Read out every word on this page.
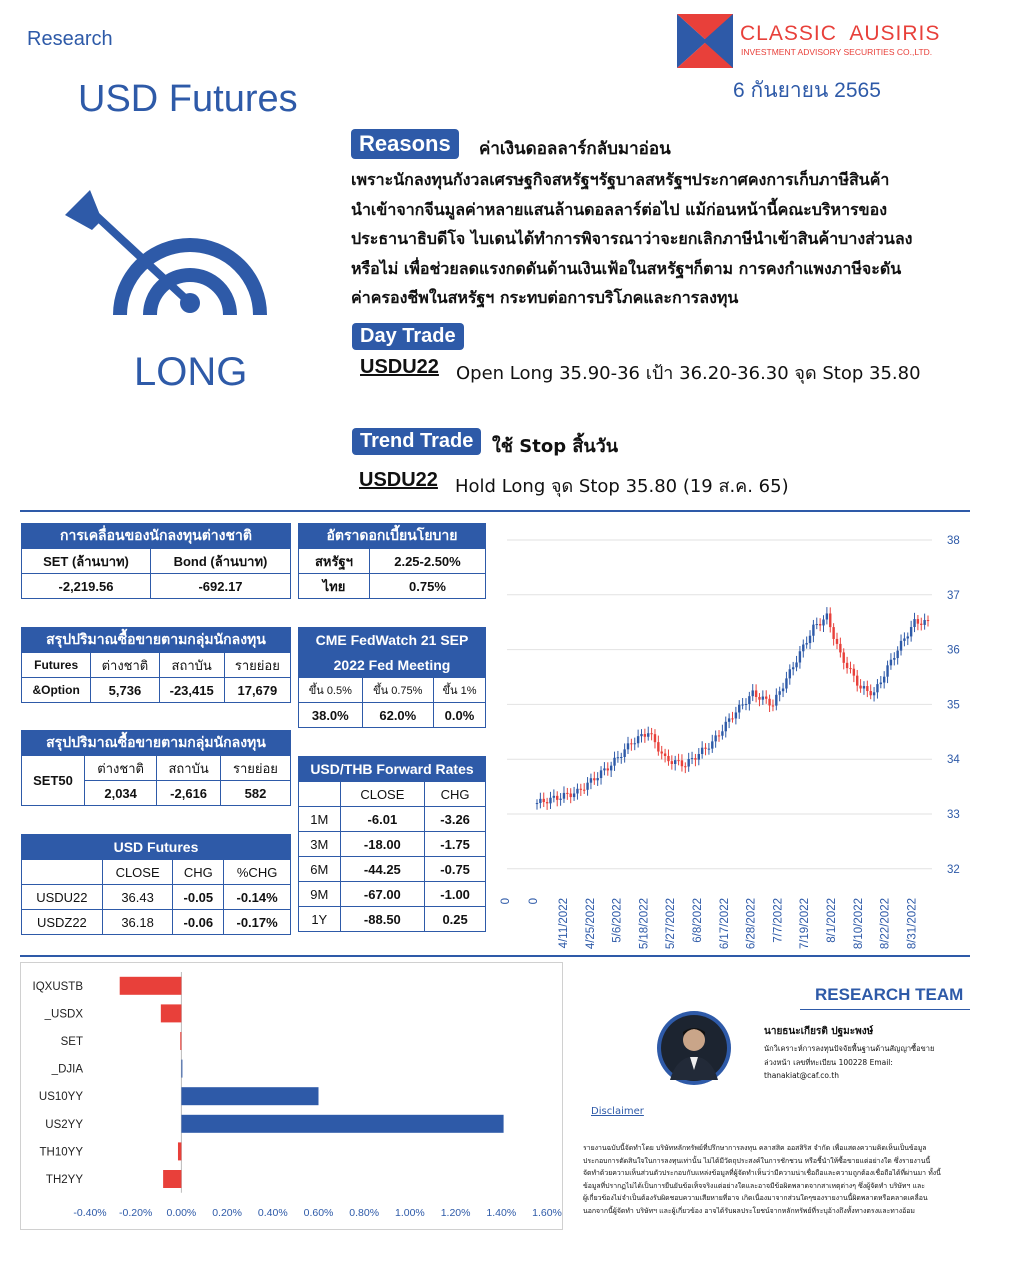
Research
USD Futures
CLASSIC  AUSIRIS
INVESTMENT ADVISORY SECURITIES CO.,LTD.
6 กันยายน 2565
LONG
Reasons	ค่าเงินดอลลาร์กลับมาอ่อน
เพราะนักลงทุนกังวลเศรษฐกิจสหรัฐฯรัฐบาลสหรัฐฯประกาศคงการเก็บภาษีสินค้า
นำเข้าจากจีนมูลค่าหลายแสนล้านดอลลาร์ต่อไป แม้ก่อนหน้านี้คณะบริหารของ
ประธานาธิบดีโจ ไบเดนได้ทำการพิจารณาว่าจะยกเลิกภาษีนำเข้าสินค้าบางส่วนลง
หรือไม่ เพื่อช่วยลดแรงกดดันด้านเงินเฟ้อในสหรัฐฯก็ตาม การคงกำแพงภาษีจะดัน
ค่าครองชีพในสหรัฐฯ กระทบต่อการบริโภคและการลงทุน
Day Trade
USDU22 Open Long 35.90-36 เป้า 36.20-36.30 จุด Stop 35.80
Trend Trade	ใช้ Stop สิ้นวัน
USDU22 Hold Long จุด Stop 35.80 (19 ส.ค. 65)
การเคลื่อนของนักลงทุนต่างชาติ	
SET (ล้านบาท)	Bond (ล้านบาท)
-2,219.56	-692.17
อัตราดอกเบี้ยนโยบาย	
สหรัฐฯ	2.25-2.50%
ไทย	0.75%
สรุปปริมาณซื้อขายตามกลุ่มนักลงทุน			
Futures	ต่างชาติ	สถาบัน	รายย่อย
&Option	5,736	-23,415	17,679
CME FedWatch 21 SEP		
2022 Fed Meeting		
ขึ้น 0.5%	ขึ้น 0.75%	ขึ้น 1%
38.0%	62.0%	0.0%
สรุปปริมาณซื้อขายตามกลุ่มนักลงทุน			
SET50	ต่างชาติ	สถาบัน	รายย่อย
	2,034	-2,616	582
USD/THB Forward Rates		
	CLOSE	CHG
1M	-6.01	-3.26
3M	-18.00	-1.75
6M	-44.25	-0.75
9M	-67.00	-1.00
1Y	-88.50	0.25
USD Futures			
	CLOSE	CHG	%CHG
USDU22	36.43	-0.05	-0.14%
USDZ22	36.18	-0.06	-0.17%
38
37
36
35
34
33
32
0 0 4/11/2022 4/25/2022 5/6/2022 5/18/2022 5/27/2022 6/8/2022 6/17/2022 6/28/2022 7/7/2022 7/19/2022 8/1/2022 8/10/2022 8/22/2022 8/31/2022
IQXUSTB
_USDX
SET
_DJIA
US10YY
US2YY
TH10YY
TH2YY
-0.40% -0.20% 0.00% 0.20% 0.40% 0.60% 0.80% 1.00% 1.20% 1.40% 1.60%
RESEARCH TEAM
นายธนะเกียรติ ปฐมะพงษ์
นักวิเคราะห์การลงทุนปัจจัยพื้นฐานด้านสัญญาซื้อขาย
ล่วงหน้า เลขที่ทะเบียน 100228 Email:
thanakiat@caf.co.th
Disclaimer
รายงานฉบับนี้จัดทำโดย บริษัทหลักทรัพย์ที่ปรึกษาการลงทุน คลาสสิค ออสสิริส จำกัด เพื่อแสดงความคิดเห็นเป็นข้อมูล
ประกอบการตัดสินใจในการลงทุนเท่านั้น ไม่ได้มีวัตถุประสงค์ในการชักชวน หรือชี้นำให้ซื้อขายแต่อย่างใด ซึ่งรายงานนี้
จัดทำด้วยความเห็นส่วนตัวประกอบกับแหล่งข้อมูลที่ผู้จัดทำเห็นว่ามีความน่าเชื่อถือและความถูกต้องเชื่อถือได้ที่ผ่านมา ทั้งนี้
ข้อมูลที่ปรากฏไม่ได้เป็นการยืนยันข้อเท็จจริงแต่อย่างใดและอาจมีข้อผิดพลาดจากสาเหตุต่างๆ ซึ่งผู้จัดทำ บริษัทฯ และ
ผู้เกี่ยวข้องไม่จำเป็นต้องรับผิดชอบความเสียหายที่อาจ เกิดเนื่องมาจากส่วนใดๆของรายงานนี้ผิดพลาดหรือคลาดเคลื่อน
นอกจากนี้ผู้จัดทำ บริษัทฯ และผู้เกี่ยวข้อง อาจได้รับผลประโยชน์จากหลักทรัพย์ที่ระบุอ้างถึงทั้งทางตรงและทางอ้อม
